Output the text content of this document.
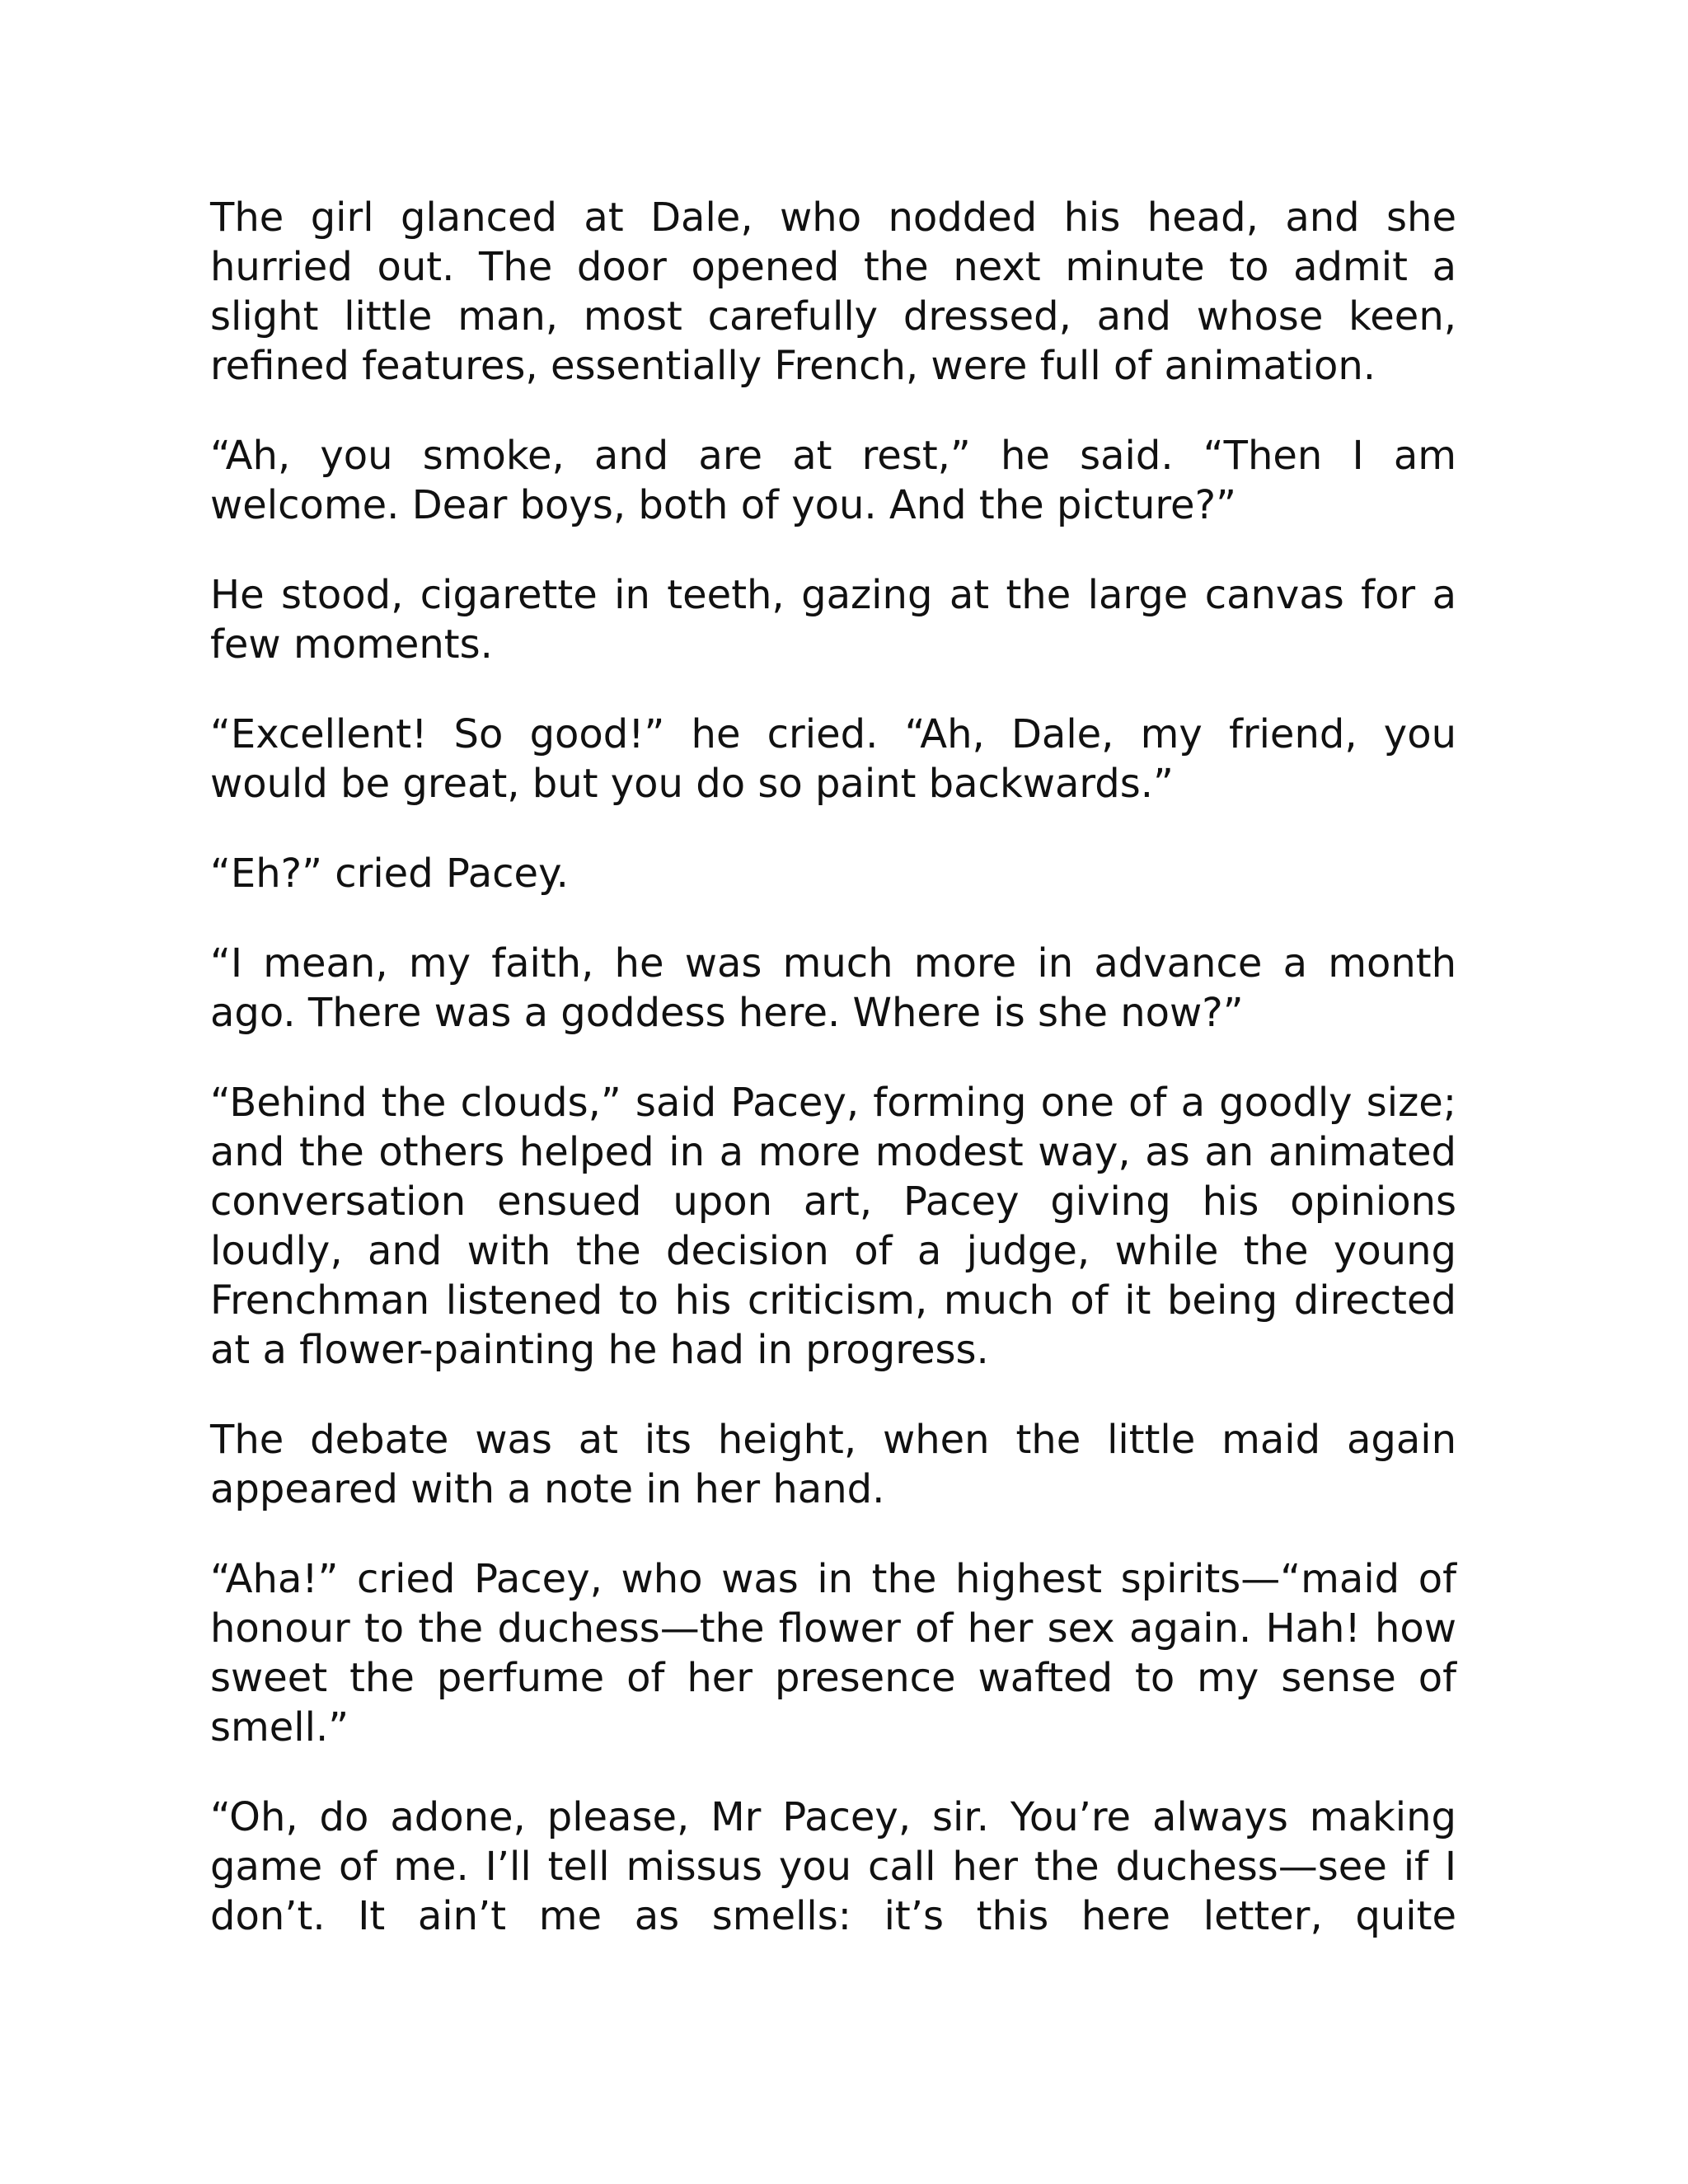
The girl glanced at Dale, who nodded his head, and she hurried out. The door opened the next minute to admit a slight little man, most carefully dressed, and whose keen, refined features, essentially French, were full of animation.

“Ah, you smoke, and are at rest,” he said. “Then I am welcome. Dear boys, both of you. And the picture?”

He stood, cigarette in teeth, gazing at the large canvas for a few moments.

“Excellent! So good!” he cried. “Ah, Dale, my friend, you would be great, but you do so paint backwards.”

“Eh?” cried Pacey.

“I mean, my faith, he was much more in advance a month ago. There was a goddess here. Where is she now?”

“Behind the clouds,” said Pacey, forming one of a goodly size; and the others helped in a more modest way, as an animated conversation ensued upon art, Pacey giving his opinions loudly, and with the decision of a judge, while the young Frenchman listened to his criticism, much of it being directed at a flower-painting he had in progress.

The debate was at its height, when the little maid again appeared with a note in her hand.

“Aha!” cried Pacey, who was in the highest spirits—“maid of honour to the duchess—the flower of her sex again. Hah! how sweet the perfume of her presence wafted to my sense of smell.”

“Oh, do adone, please, Mr Pacey, sir. You’re always making game of me. I’ll tell missus you call her the duchess—see if I don’t. It ain’t me as smells: it’s this here letter, quite
